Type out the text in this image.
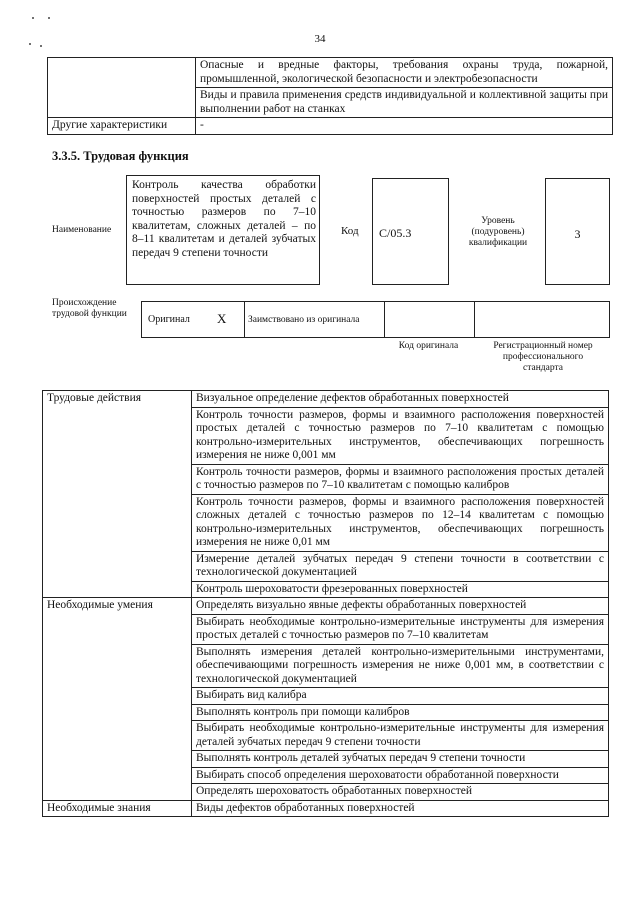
34
	Опасные и вредные факторы, требования охраны труда, пожарной, промышленной, экологической безопасности и электробезопасности
	Виды и правила применения средств индивидуальной и коллективной защиты при выполнении работ на станках
Другие характеристики	-
3.3.5. Трудовая функция
Наименование
Контроль качества обработки поверхностей простых деталей с точностью размеров по 7–10 квалитетам, сложных деталей – по 8–11 квалитетам и деталей зубчатых передач 9 степени точности
Код C/05.3
Уровень (подуровень) квалификации
3
Происхождение трудовой функции	Оригинал X Заимствовано из оригинала
Код оригинала	Регистрационный номер профессионального стандарта
Трудовые действия	Визуальное определение дефектов обработанных поверхностей
	Контроль точности размеров, формы и взаимного расположения поверхностей простых деталей с точностью размеров по 7–10 квалитетам с помощью контрольно-измерительных инструментов, обеспечивающих погрешность измерения не ниже 0,001 мм
	Контроль точности размеров, формы и взаимного расположения простых деталей с точностью размеров по 7–10 квалитетам с помощью калибров
	Контроль точности размеров, формы и взаимного расположения поверхностей сложных деталей с точностью размеров по 12–14 квалитетам с помощью контрольно-измерительных инструментов, обеспечивающих погрешность измерения не ниже 0,01 мм
	Измерение деталей зубчатых передач 9 степени точности в соответствии с технологической документацией
	Контроль шероховатости фрезерованных поверхностей
Необходимые умения	Определять визуально явные дефекты обработанных поверхностей
	Выбирать необходимые контрольно-измерительные инструменты для измерения простых деталей с точностью размеров по 7–10 квалитетам
	Выполнять измерения деталей контрольно-измерительными инструментами, обеспечивающими погрешность измерения не ниже 0,001 мм, в соответствии с технологической документацией
	Выбирать вид калибра
	Выполнять контроль при помощи калибров
	Выбирать необходимые контрольно-измерительные инструменты для измерения деталей зубчатых передач 9 степени точности
	Выполнять контроль деталей зубчатых передач 9 степени точности
	Выбирать способ определения шероховатости обработанной поверхности
	Определять шероховатость обработанных поверхностей
Необходимые знания	Виды дефектов обработанных поверхностей
